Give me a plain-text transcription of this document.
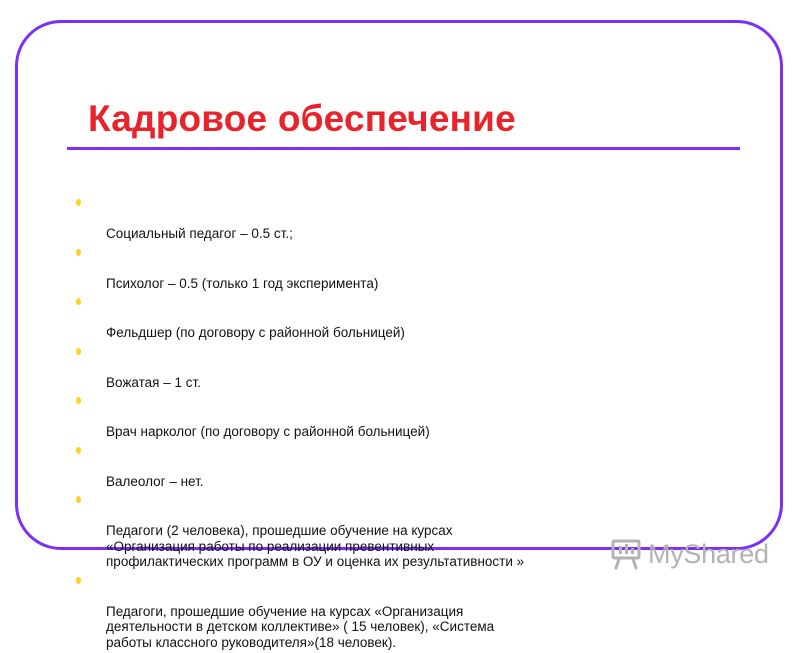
Кадровое обеспечение

Социальный педагог – 0.5 ст.;

Психолог – 0.5 (только 1 год эксперимента)

Фельдшер (по договору с районной больницей)

Вожатая – 1 ст.

Врач нарколог (по договору с районной больницей)

Валеолог – нет.

Педагоги (2 человека), прошедшие обучение на курсах
«Организация работы по реализации превентивных
профилактических программ в ОУ и оценка их результативности »

Педагоги, прошедшие обучение на курсах «Организация
деятельности в детском коллективе» ( 15 человек), «Система
работы классного руководителя»(18 человек).

MyShared
